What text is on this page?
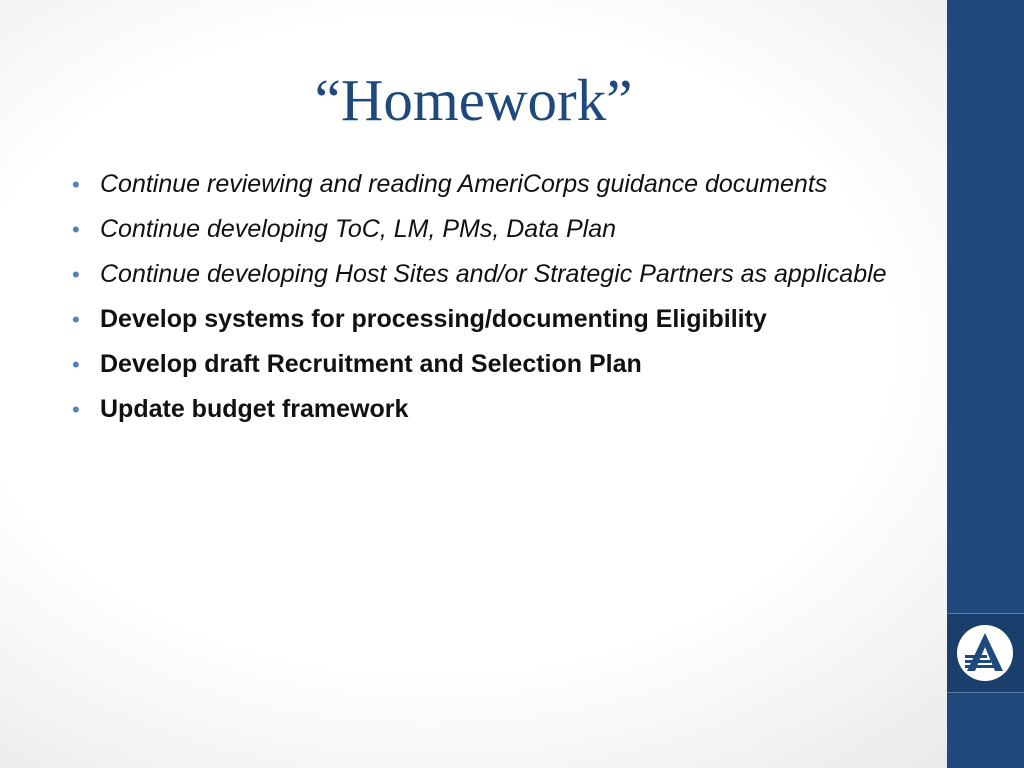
“Homework”
• Continue reviewing and reading AmeriCorps guidance documents
• Continue developing ToC, LM, PMs, Data Plan
• Continue developing Host Sites and/or Strategic Partners as applicable
• Develop systems for processing/documenting Eligibility
• Develop draft Recruitment and Selection Plan
• Update budget framework
